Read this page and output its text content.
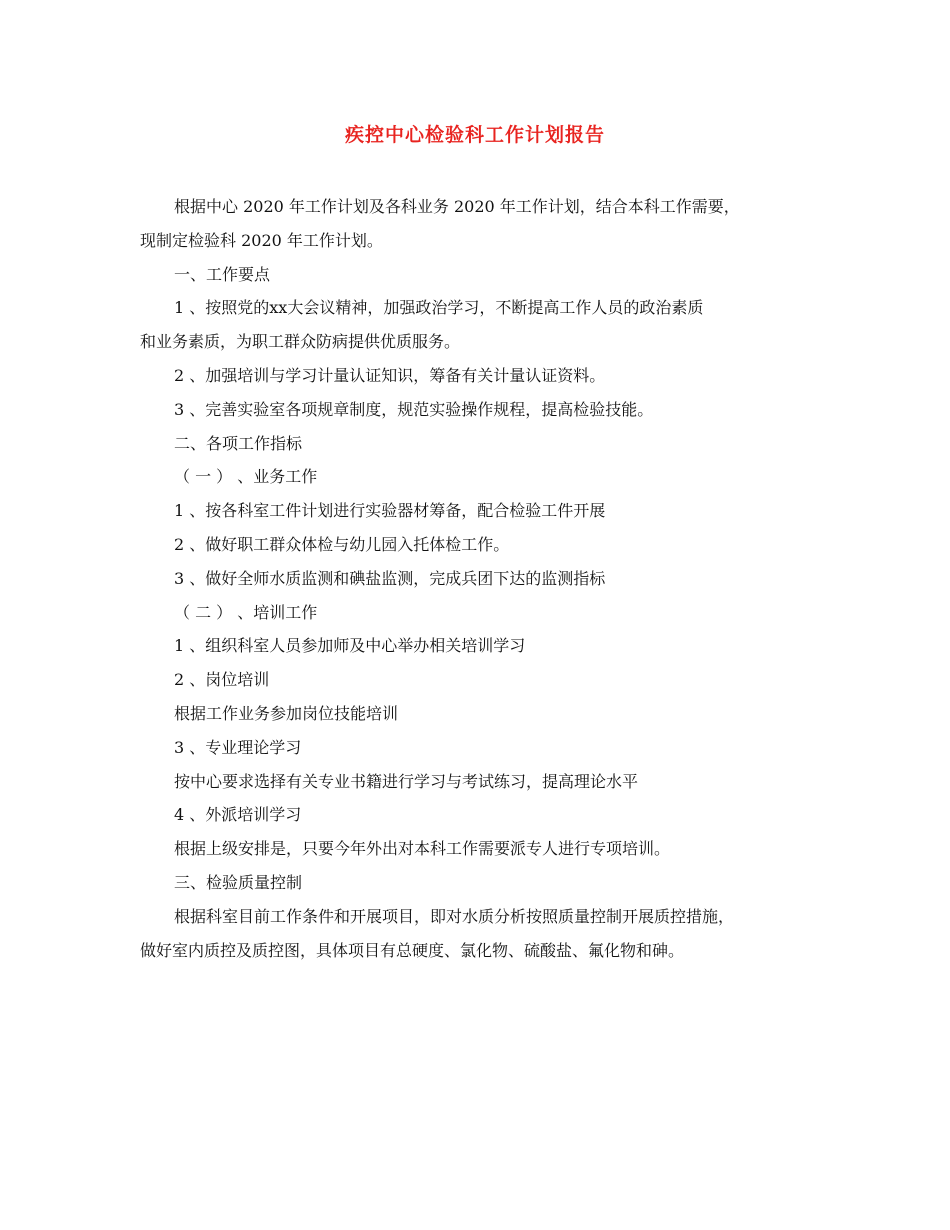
疾控中心检验科工作计划报告

根据中心 2020 年工作计划及各科业务 2020 年工作计划，结合本科工作需要，

现制定检验科 2020 年工作计划。

一、工作要点

1 、按照党的xx大会议精神，加强政治学习，不断提高工作人员的政治素质

和业务素质，为职工群众防病提供优质服务。

2 、加强培训与学习计量认证知识，筹备有关计量认证资料。

3 、完善实验室各项规章制度，规范实验操作规程，提高检验技能。

二、各项工作指标

（ 一 ） 、业务工作

1 、按各科室工件计划进行实验器材筹备，配合检验工件开展

2 、做好职工群众体检与幼儿园入托体检工作。

3 、做好全师水质监测和碘盐监测，完成兵团下达的监测指标

（ 二 ） 、培训工作

1 、组织科室人员参加师及中心举办相关培训学习

2 、岗位培训

根据工作业务参加岗位技能培训

3 、专业理论学习

按中心要求选择有关专业书籍进行学习与考试练习，提高理论水平

4 、外派培训学习

根据上级安排是，只要今年外出对本科工作需要派专人进行专项培训。

三、检验质量控制

根据科室目前工作条件和开展项目，即对水质分析按照质量控制开展质控措施，

做好室内质控及质控图，具体项目有总硬度、氯化物、硫酸盐、氟化物和砷。
